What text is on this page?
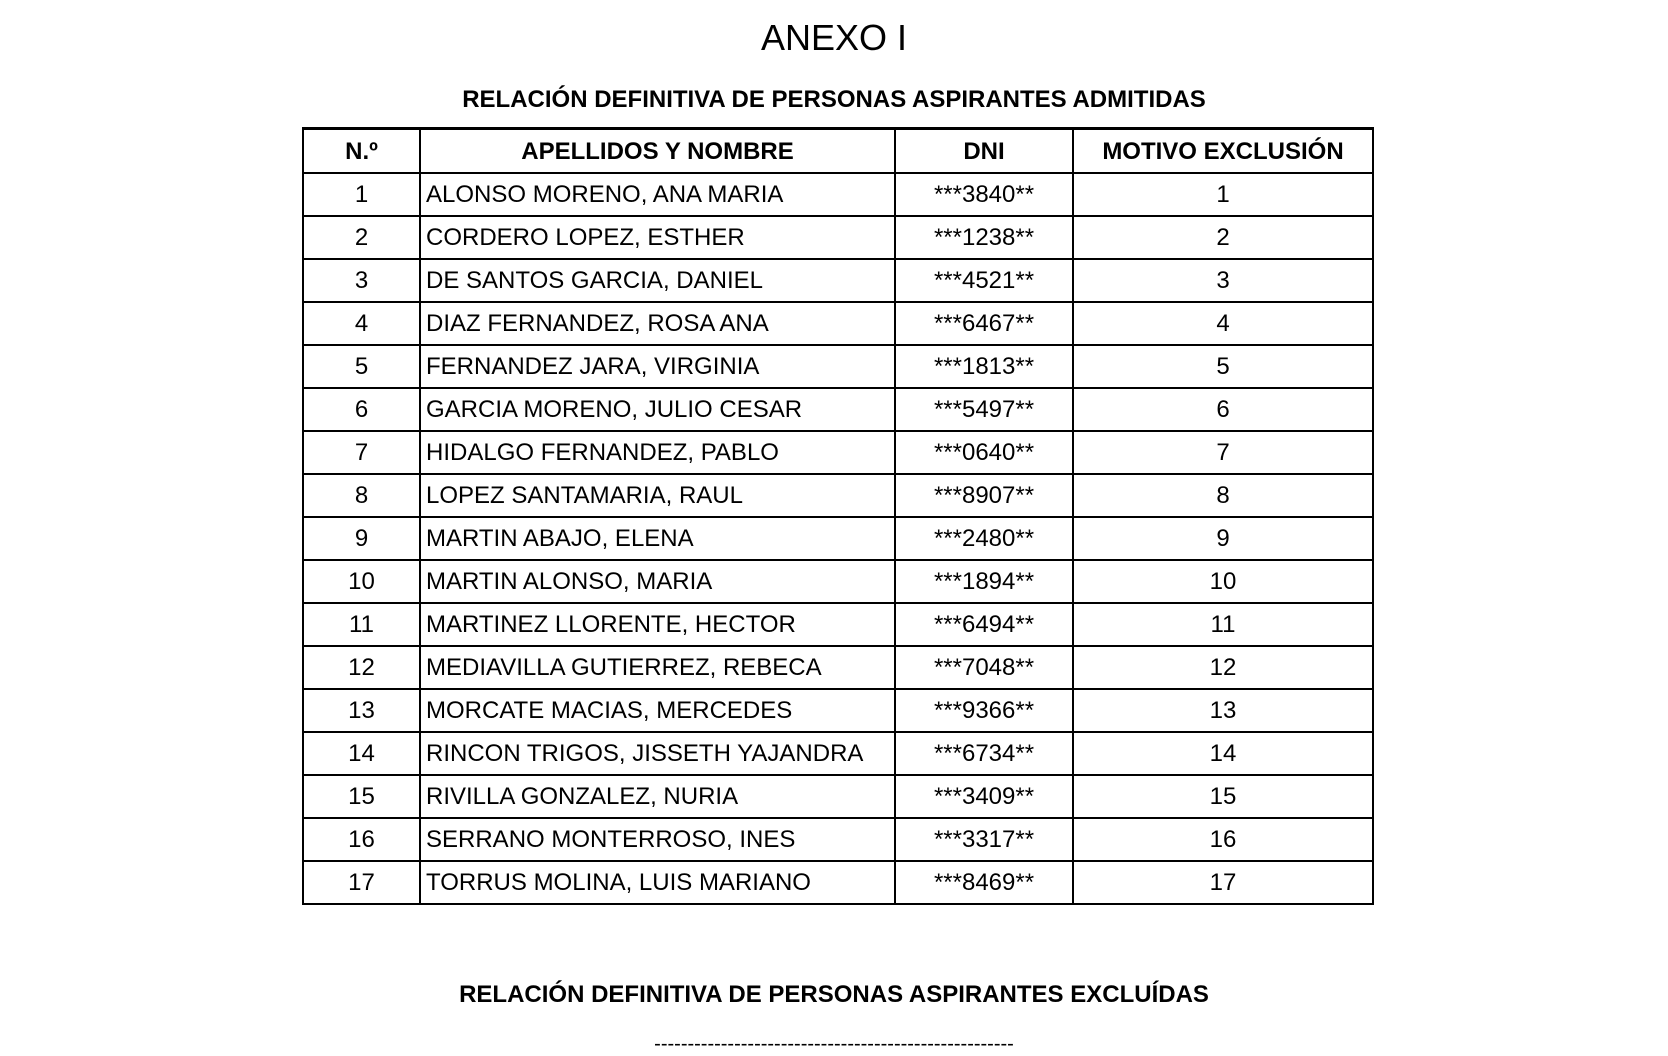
ANEXO I
RELACIÓN DEFINITIVA DE PERSONAS ASPIRANTES ADMITIDAS
N.º	APELLIDOS Y NOMBRE	DNI	MOTIVO EXCLUSIÓN
1	ALONSO MORENO, ANA MARIA	***3840**	1
2	CORDERO LOPEZ, ESTHER	***1238**	2
3	DE SANTOS GARCIA, DANIEL	***4521**	3
4	DIAZ FERNANDEZ, ROSA ANA	***6467**	4
5	FERNANDEZ JARA, VIRGINIA	***1813**	5
6	GARCIA MORENO, JULIO CESAR	***5497**	6
7	HIDALGO FERNANDEZ, PABLO	***0640**	7
8	LOPEZ SANTAMARIA, RAUL	***8907**	8
9	MARTIN ABAJO, ELENA	***2480**	9
10	MARTIN ALONSO, MARIA	***1894**	10
11	MARTINEZ LLORENTE, HECTOR	***6494**	11
12	MEDIAVILLA GUTIERREZ, REBECA	***7048**	12
13	MORCATE MACIAS, MERCEDES	***9366**	13
14	RINCON TRIGOS, JISSETH YAJANDRA	***6734**	14
15	RIVILLA GONZALEZ, NURIA	***3409**	15
16	SERRANO MONTERROSO, INES	***3317**	16
17	TORRUS MOLINA, LUIS MARIANO	***8469**	17
RELACIÓN DEFINITIVA DE PERSONAS ASPIRANTES EXCLUÍDAS
------------------------------------------------------
